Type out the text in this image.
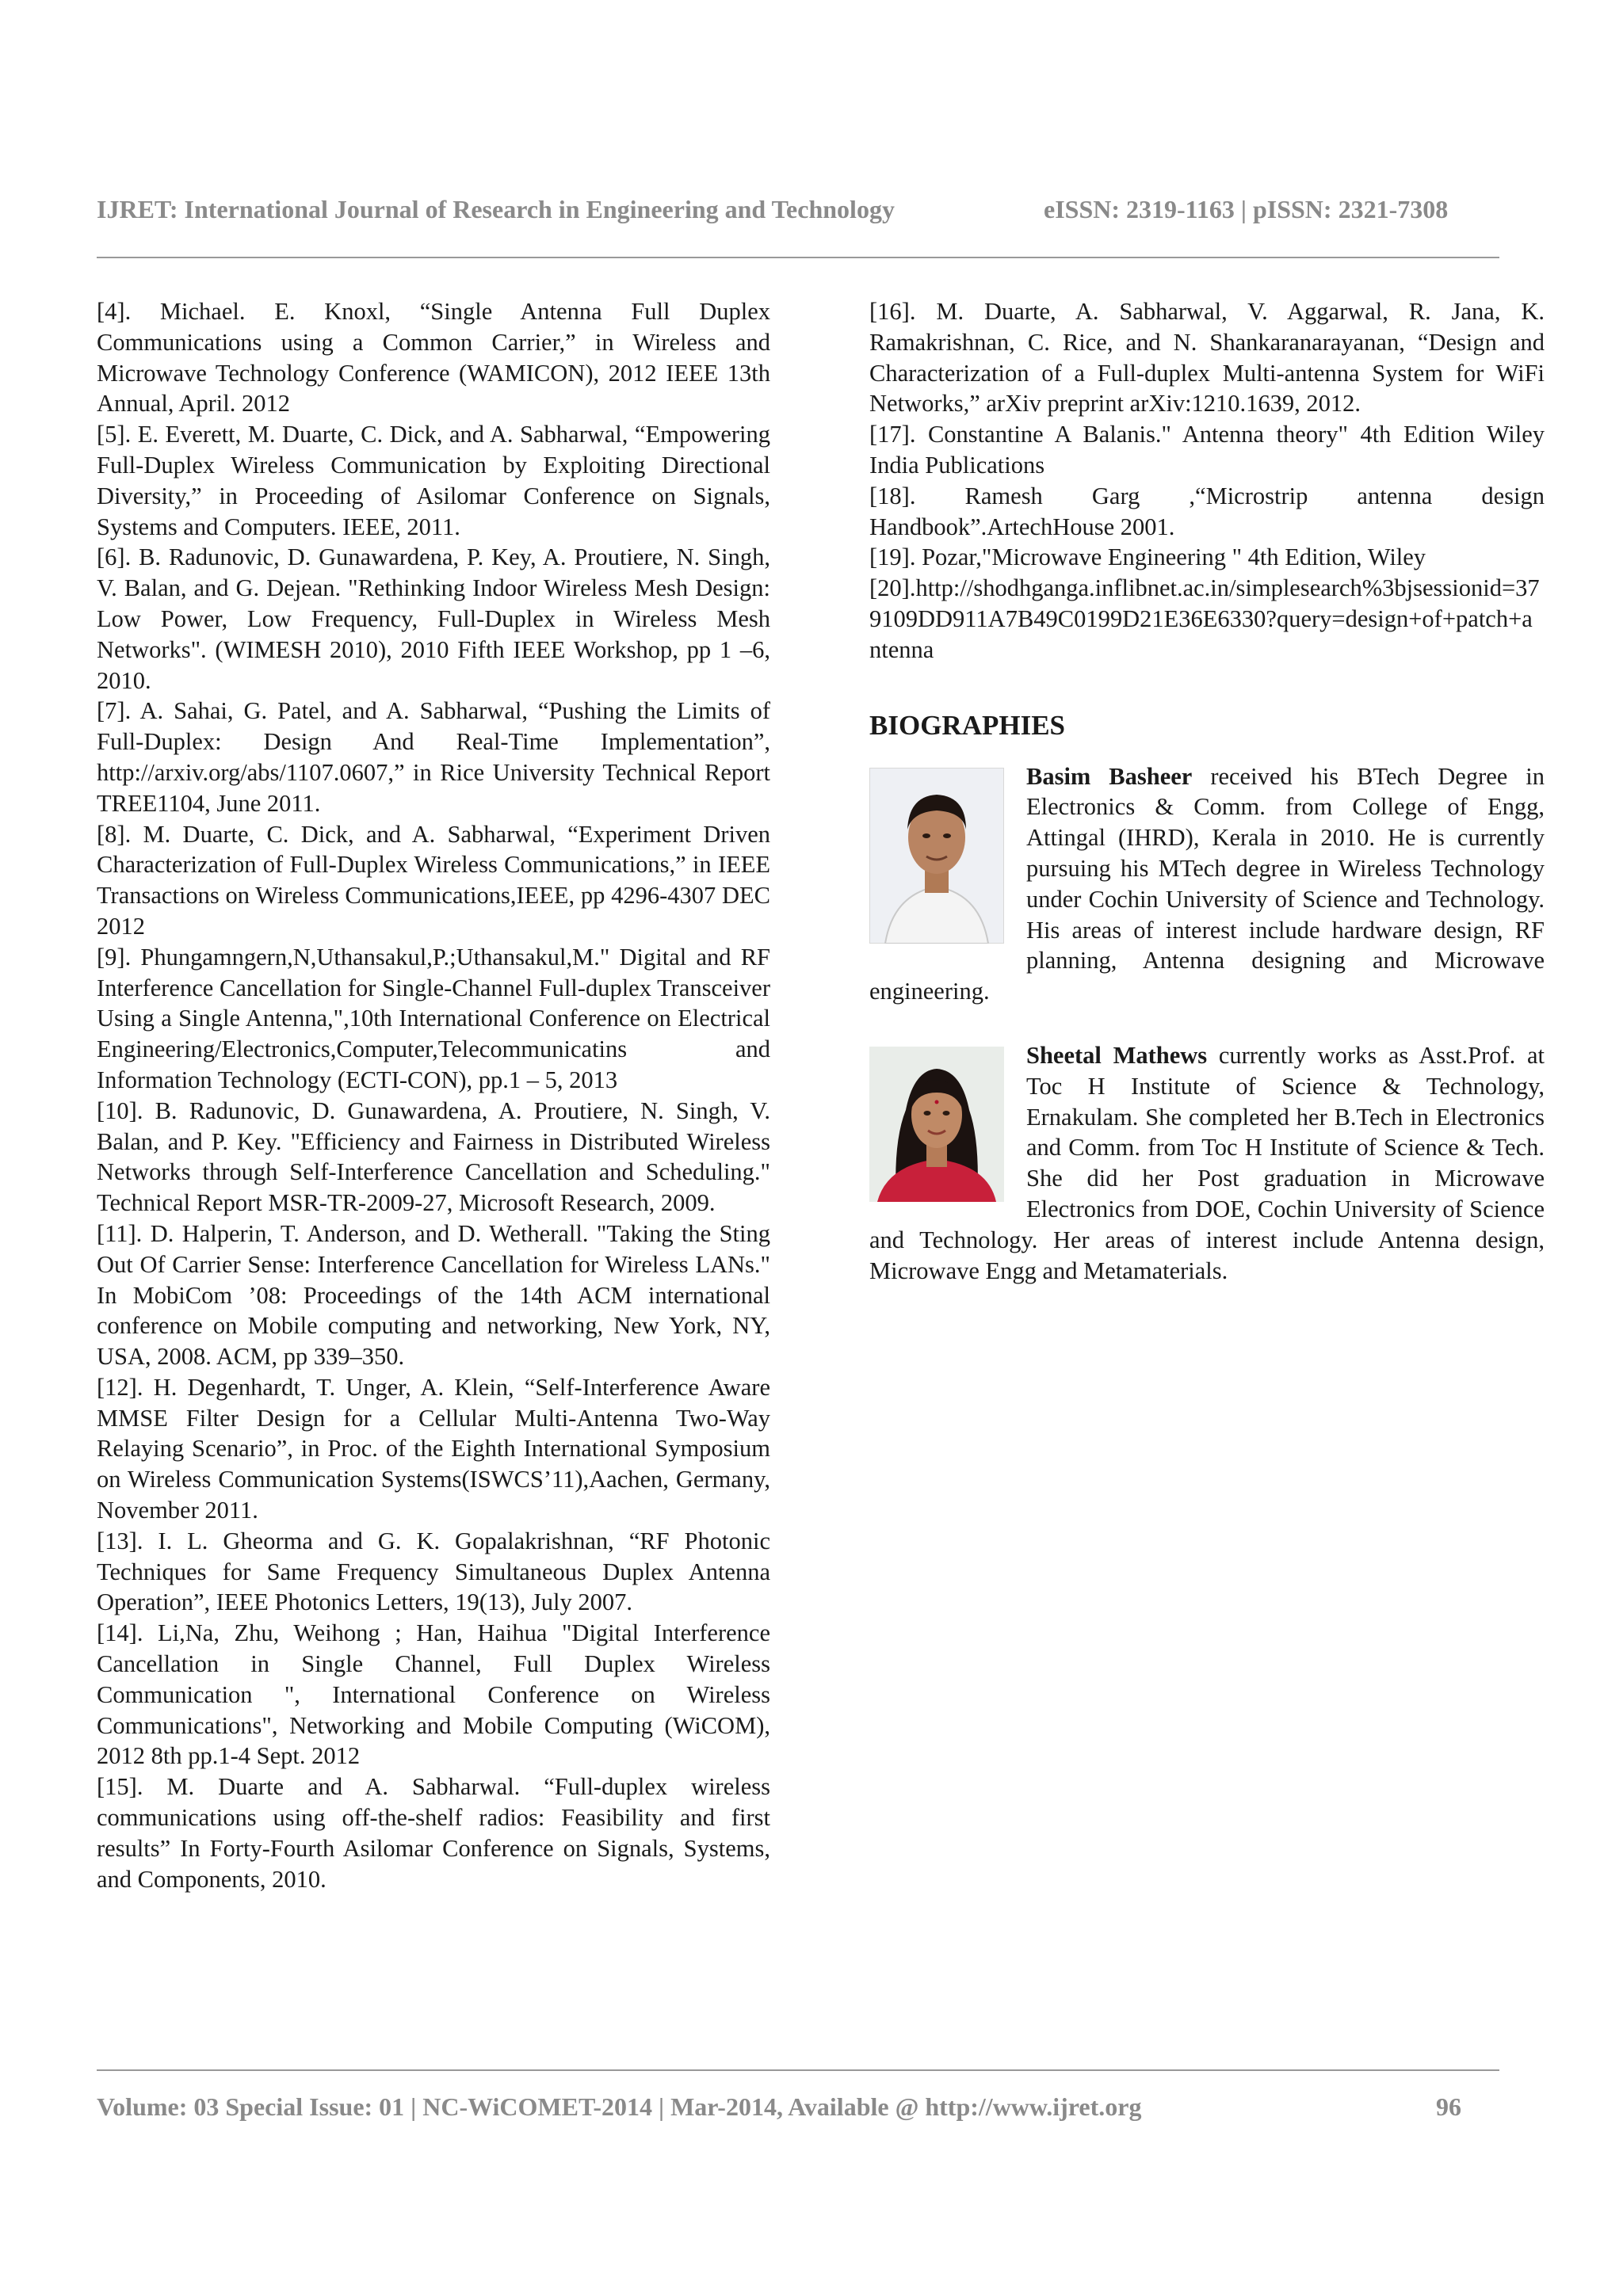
IJRET: International Journal of Research in Engineering and Technology	eISSN: 2319-1163 | pISSN: 2321-7308

[4]. Michael. E. Knoxl, “Single Antenna Full Duplex Communications using a Common Carrier,” in Wireless and Microwave Technology Conference (WAMICON), 2012 IEEE 13th Annual, April. 2012

[5]. E. Everett, M. Duarte, C. Dick, and A. Sabharwal, “Empowering Full-Duplex Wireless Communication by Exploiting Directional Diversity,” in Proceeding of Asilomar Conference on Signals, Systems and Computers. IEEE, 2011.

[6]. B. Radunovic, D. Gunawardena, P. Key, A. Proutiere, N. Singh, V. Balan, and G. Dejean. "Rethinking Indoor Wireless Mesh Design: Low Power, Low Frequency, Full-Duplex in Wireless Mesh Networks". (WIMESH 2010), 2010 Fifth IEEE Workshop, pp 1 –6, 2010.

[7]. A. Sahai, G. Patel, and A. Sabharwal, “Pushing the Limits of Full-Duplex: Design And Real-Time Implementation”, http://arxiv.org/abs/1107.0607,” in Rice University Technical Report TREE1104, June 2011.

[8]. M. Duarte, C. Dick, and A. Sabharwal, “Experiment Driven Characterization of Full-Duplex Wireless Communications,” in IEEE Transactions on Wireless Communications,IEEE, pp 4296-4307 DEC 2012

[9]. Phungamngern,N,Uthansakul,P.;Uthansakul,M." Digital and RF Interference Cancellation for Single-Channel Full-duplex Transceiver Using a Single Antenna,",10th International Conference on Electrical Engineering/Electronics,Computer,Telecommunicatins and Information Technology (ECTI-CON), pp.1 – 5, 2013

[10]. B. Radunovic, D. Gunawardena, A. Proutiere, N. Singh, V. Balan, and P. Key. "Efficiency and Fairness in Distributed Wireless Networks through Self-Interference Cancellation and Scheduling." Technical Report MSR-TR-2009-27, Microsoft Research, 2009.

[11]. D. Halperin, T. Anderson, and D. Wetherall. "Taking the Sting Out Of Carrier Sense: Interference Cancellation for Wireless LANs." In MobiCom ’08: Proceedings of the 14th ACM international conference on Mobile computing and networking, New York, NY, USA, 2008. ACM, pp 339–350.

[12]. H. Degenhardt, T. Unger, A. Klein, “Self-Interference Aware MMSE Filter Design for a Cellular Multi-Antenna Two-Way Relaying Scenario”, in Proc. of the Eighth International Symposium on Wireless Communication Systems(ISWCS’11),Aachen, Germany, November 2011.

[13]. I. L. Gheorma and G. K. Gopalakrishnan, “RF Photonic Techniques for Same Frequency Simultaneous Duplex Antenna Operation”, IEEE Photonics Letters, 19(13), July 2007.

[14]. Li,Na, Zhu, Weihong ; Han, Haihua "Digital Interference Cancellation in Single Channel, Full Duplex Wireless Communication ", International Conference on Wireless Communications", Networking and Mobile Computing (WiCOM), 2012 8th pp.1-4 Sept. 2012

[15]. M. Duarte and A. Sabharwal. “Full-duplex wireless communications using off-the-shelf radios: Feasibility and first results” In Forty-Fourth Asilomar Conference on Signals, Systems, and Components, 2010.

[16]. M. Duarte, A. Sabharwal, V. Aggarwal, R. Jana, K. Ramakrishnan, C. Rice, and N. Shankaranarayanan, “Design and Characterization of a Full-duplex Multi-antenna System for WiFi Networks,” arXiv preprint arXiv:1210.1639, 2012.

[17]. Constantine A Balanis." Antenna theory" 4th Edition Wiley India Publications

[18]. Ramesh Garg ,“Microstrip antenna design Handbook”.ArtechHouse 2001.

[19]. Pozar,"Microwave Engineering " 4th Edition, Wiley

[20].http://shodhganga.inflibnet.ac.in/simplesearch%3bjsessionid=379109DD911A7B49C0199D21E36E6330?query=design+of+patch+antenna

BIOGRAPHIES

Basim Basheer received his BTech Degree in Electronics & Comm. from College of Engg, Attingal (IHRD), Kerala in 2010. He is currently pursuing his MTech degree in Wireless Technology under Cochin University of Science and Technology. His areas of interest include hardware design, RF planning, Antenna designing and Microwave engineering.

Sheetal Mathews currently works as Asst.Prof. at Toc H Institute of Science & Technology, Ernakulam. She completed her B.Tech in Electronics and Comm. from Toc H Institute of Science & Tech. She did her Post graduation in Microwave Electronics from DOE, Cochin University of Science and Technology. Her areas of interest include Antenna design, Microwave Engg and Metamaterials.

Volume: 03 Special Issue: 01 | NC-WiCOMET-2014 | Mar-2014, Available @ http://www.ijret.org	96
